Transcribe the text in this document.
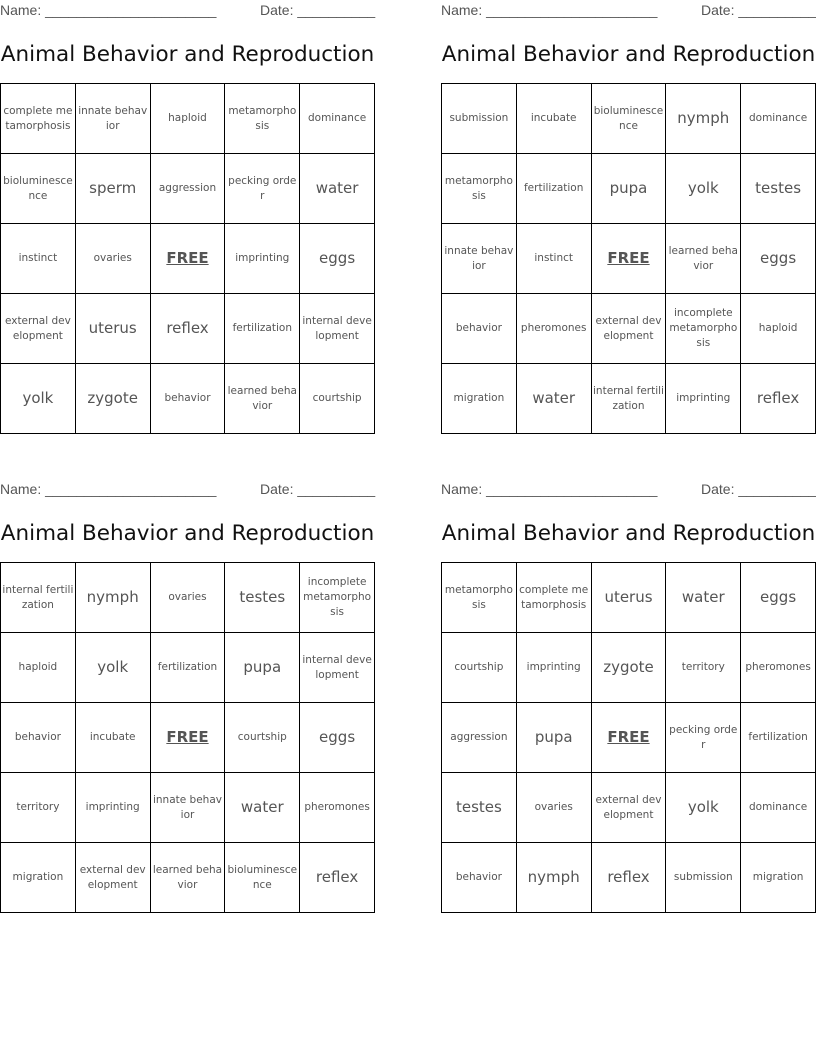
Name: ______________________	Date: __________
Animal Behavior and Reproduction
complete metamorphosis	innate behavior	haploid	metamorphosis	dominance
bioluminescence	sperm	aggression	pecking order	water
instinct	ovaries	FREE	imprinting	eggs
external development	uterus	reflex	fertilization	internal development
yolk	zygote	behavior	learned behavior	courtship
Name: ______________________	Date: __________
Animal Behavior and Reproduction
submission	incubate	bioluminescence	nymph	dominance
metamorphosis	fertilization	pupa	yolk	testes
innate behavior	instinct	FREE	learned behavior	eggs
behavior	pheromones	external development	incomplete metamorphosis	haploid
migration	water	internal fertilization	imprinting	reflex
Name: ______________________	Date: __________
Animal Behavior and Reproduction
internal fertilization	nymph	ovaries	testes	incomplete metamorphosis
haploid	yolk	fertilization	pupa	internal development
behavior	incubate	FREE	courtship	eggs
territory	imprinting	innate behavior	water	pheromones
migration	external development	learned behavior	bioluminescence	reflex
Name: ______________________	Date: __________
Animal Behavior and Reproduction
metamorphosis	complete metamorphosis	uterus	water	eggs
courtship	imprinting	zygote	territory	pheromones
aggression	pupa	FREE	pecking order	fertilization
testes	ovaries	external development	yolk	dominance
behavior	nymph	reflex	submission	migration
